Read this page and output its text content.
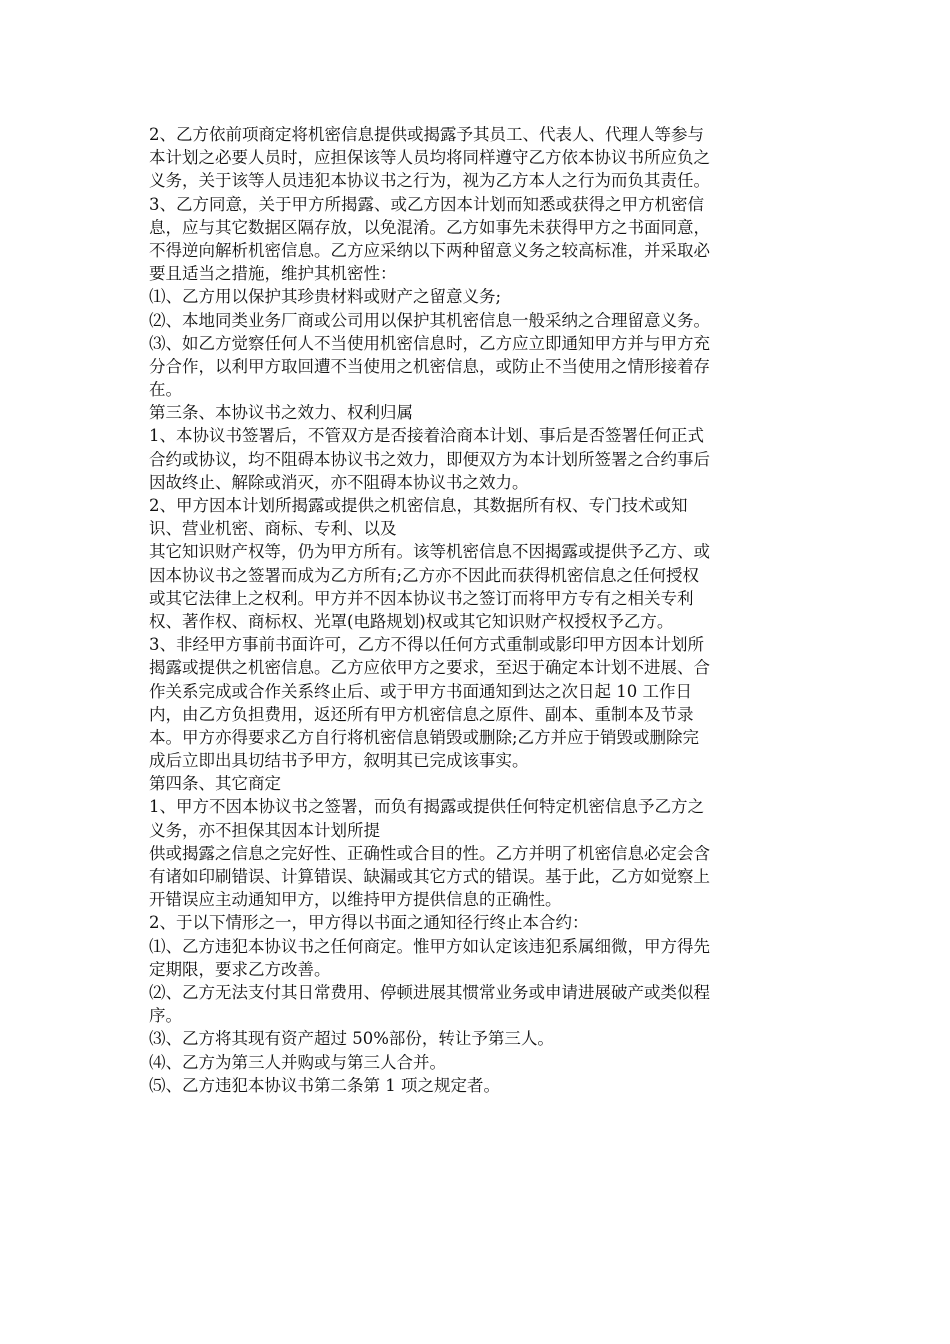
2、乙方依前项商定将机密信息提供或揭露予其员工、代表人、代理人等参与
本计划之必要人员时，应担保该等人员均将同样遵守乙方依本协议书所应负之
义务，关于该等人员违犯本协议书之行为，视为乙方本人之行为而负其责任。
3、乙方同意，关于甲方所揭露、或乙方因本计划而知悉或获得之甲方机密信
息，应与其它数据区隔存放，以免混淆。乙方如事先未获得甲方之书面同意，
不得逆向解析机密信息。乙方应采纳以下两种留意义务之较高标准，并采取必
要且适当之措施，维护其机密性：
⑴、乙方用以保护其珍贵材料或财产之留意义务;
⑵、本地同类业务厂商或公司用以保护其机密信息一般采纳之合理留意义务。
⑶、如乙方觉察任何人不当使用机密信息时，乙方应立即通知甲方并与甲方充
分合作，以利甲方取回遭不当使用之机密信息，或防止不当使用之情形接着存
在。
第三条、本协议书之效力、权利归属
1、本协议书签署后，不管双方是否接着洽商本计划、事后是否签署任何正式
合约或协议，均不阻碍本协议书之效力，即便双方为本计划所签署之合约事后
因故终止、解除或消灭，亦不阻碍本协议书之效力。
2、甲方因本计划所揭露或提供之机密信息，其数据所有权、专门技术或知
识、营业机密、商标、专利、以及
其它知识财产权等，仍为甲方所有。该等机密信息不因揭露或提供予乙方、或
因本协议书之签署而成为乙方所有;乙方亦不因此而获得机密信息之任何授权
或其它法律上之权利。甲方并不因本协议书之签订而将甲方专有之相关专利
权、著作权、商标权、光罩(电路规划)权或其它知识财产权授权予乙方。
3、非经甲方事前书面许可，乙方不得以任何方式重制或影印甲方因本计划所
揭露或提供之机密信息。乙方应依甲方之要求，至迟于确定本计划不进展、合
作关系完成或合作关系终止后、或于甲方书面通知到达之次日起 10 工作日
内，由乙方负担费用，返还所有甲方机密信息之原件、副本、重制本及节录
本。甲方亦得要求乙方自行将机密信息销毁或删除;乙方并应于销毁或删除完
成后立即出具切结书予甲方，叙明其已完成该事实。
第四条、其它商定
1、甲方不因本协议书之签署，而负有揭露或提供任何特定机密信息予乙方之
义务，亦不担保其因本计划所提
供或揭露之信息之完好性、正确性或合目的性。乙方并明了机密信息必定会含
有诸如印刷错误、计算错误、缺漏或其它方式的错误。基于此，乙方如觉察上
开错误应主动通知甲方，以维持甲方提供信息的正确性。
2、于以下情形之一，甲方得以书面之通知径行终止本合约：
⑴、乙方违犯本协议书之任何商定。惟甲方如认定该违犯系属细微，甲方得先
定期限，要求乙方改善。
⑵、乙方无法支付其日常费用、停顿进展其惯常业务或申请进展破产或类似程
序。
⑶、乙方将其现有资产超过 50%部份，转让予第三人。
⑷、乙方为第三人并购或与第三人合并。
⑸、乙方违犯本协议书第二条第 1 项之规定者。
